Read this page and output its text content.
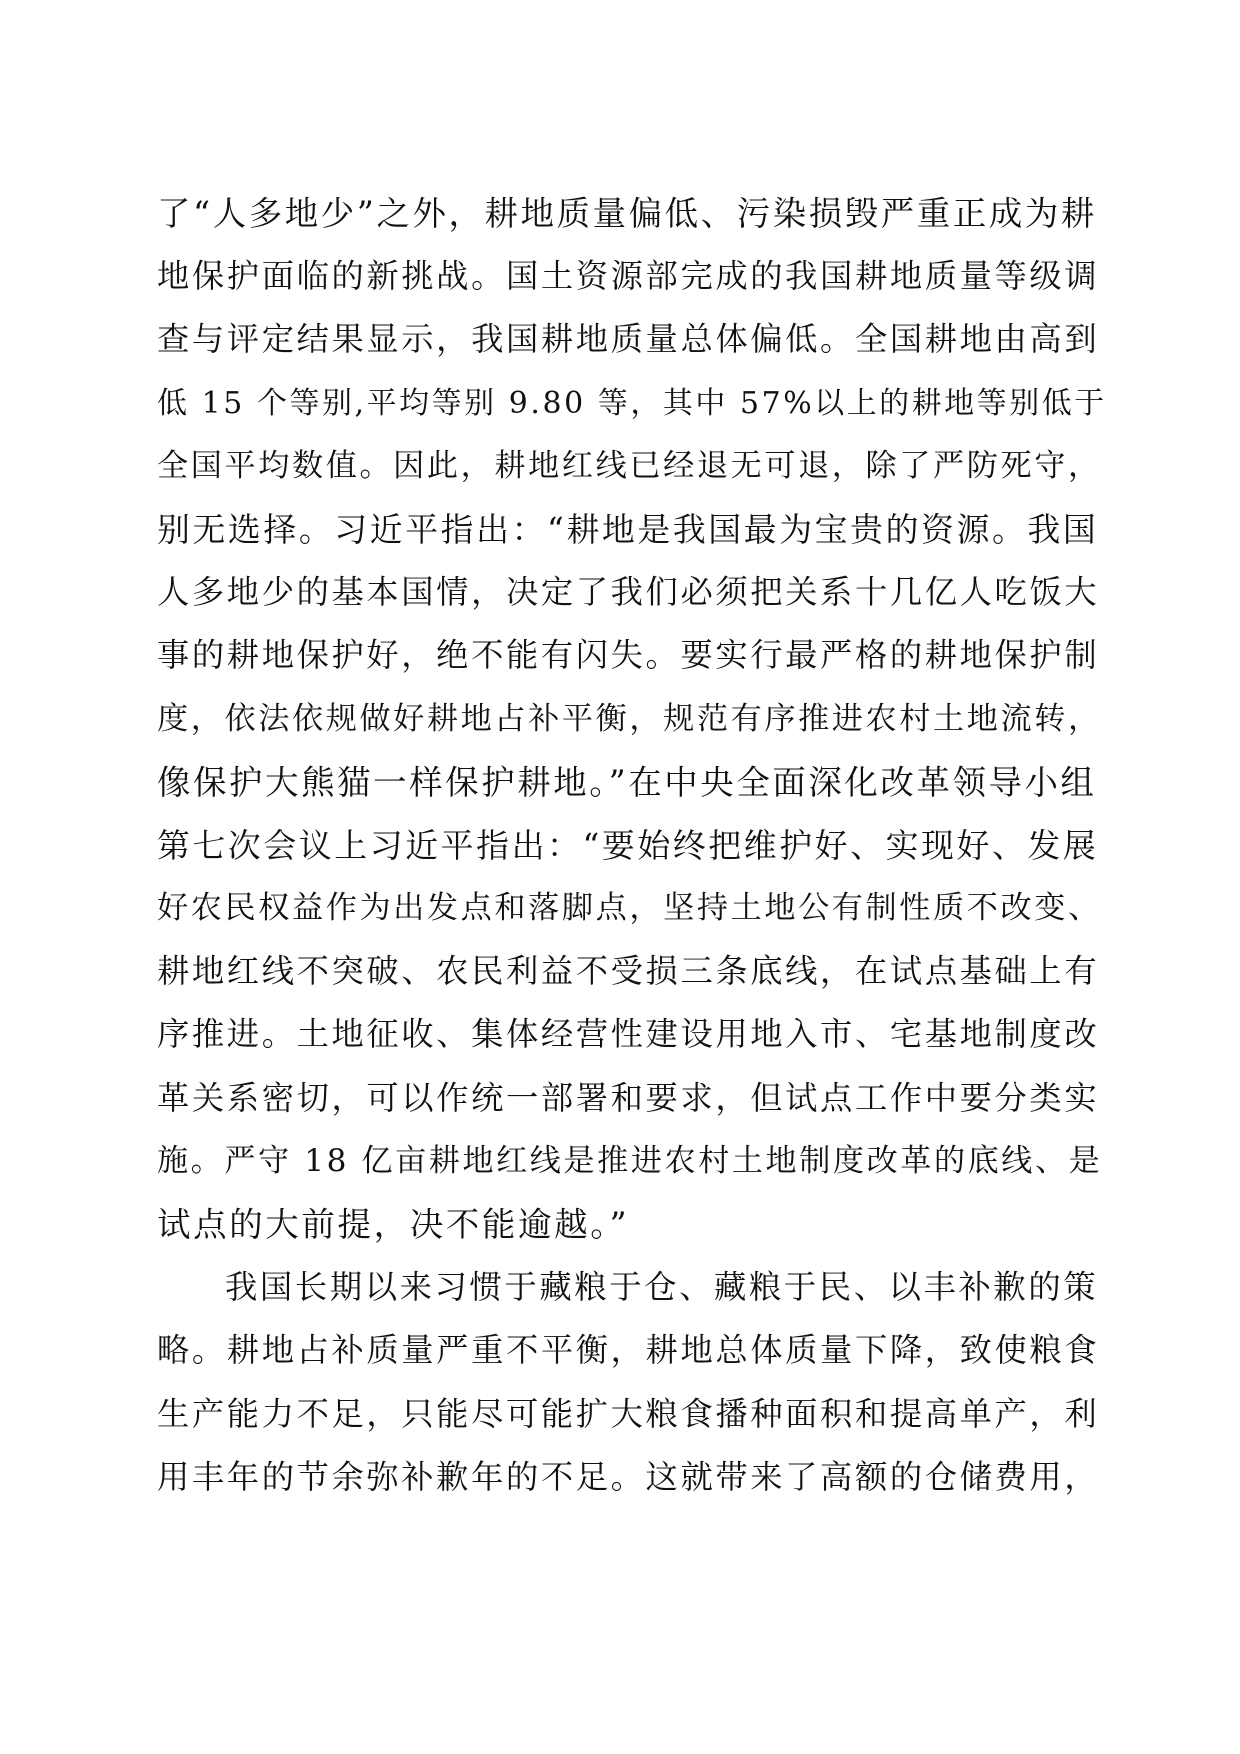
了“人多地少”之外，耕地质量偏低、污染损毁严重正成为耕
地保护面临的新挑战。国土资源部完成的我国耕地质量等级调
查与评定结果显示，我国耕地质量总体偏低。全国耕地由高到
低 15 个等别,平均等别 9.80 等，其中 57%以上的耕地等别低于
全国平均数值。因此，耕地红线已经退无可退，除了严防死守，
别无选择。习近平指出：“耕地是我国最为宝贵的资源。我国
人多地少的基本国情，决定了我们必须把关系十几亿人吃饭大
事的耕地保护好，绝不能有闪失。要实行最严格的耕地保护制
度，依法依规做好耕地占补平衡，规范有序推进农村土地流转，
像保护大熊猫一样保护耕地。”在中央全面深化改革领导小组
第七次会议上习近平指出：“要始终把维护好、实现好、发展
好农民权益作为出发点和落脚点，坚持土地公有制性质不改变、
耕地红线不突破、农民利益不受损三条底线，在试点基础上有
序推进。土地征收、集体经营性建设用地入市、宅基地制度改
革关系密切，可以作统一部署和要求，但试点工作中要分类实
施。严守 18 亿亩耕地红线是推进农村土地制度改革的底线、是
试点的大前提，决不能逾越。”
我国长期以来习惯于藏粮于仓、藏粮于民、以丰补歉的策
略。耕地占补质量严重不平衡，耕地总体质量下降，致使粮食
生产能力不足，只能尽可能扩大粮食播种面积和提高单产，利
用丰年的节余弥补歉年的不足。这就带来了高额的仓储费用，
